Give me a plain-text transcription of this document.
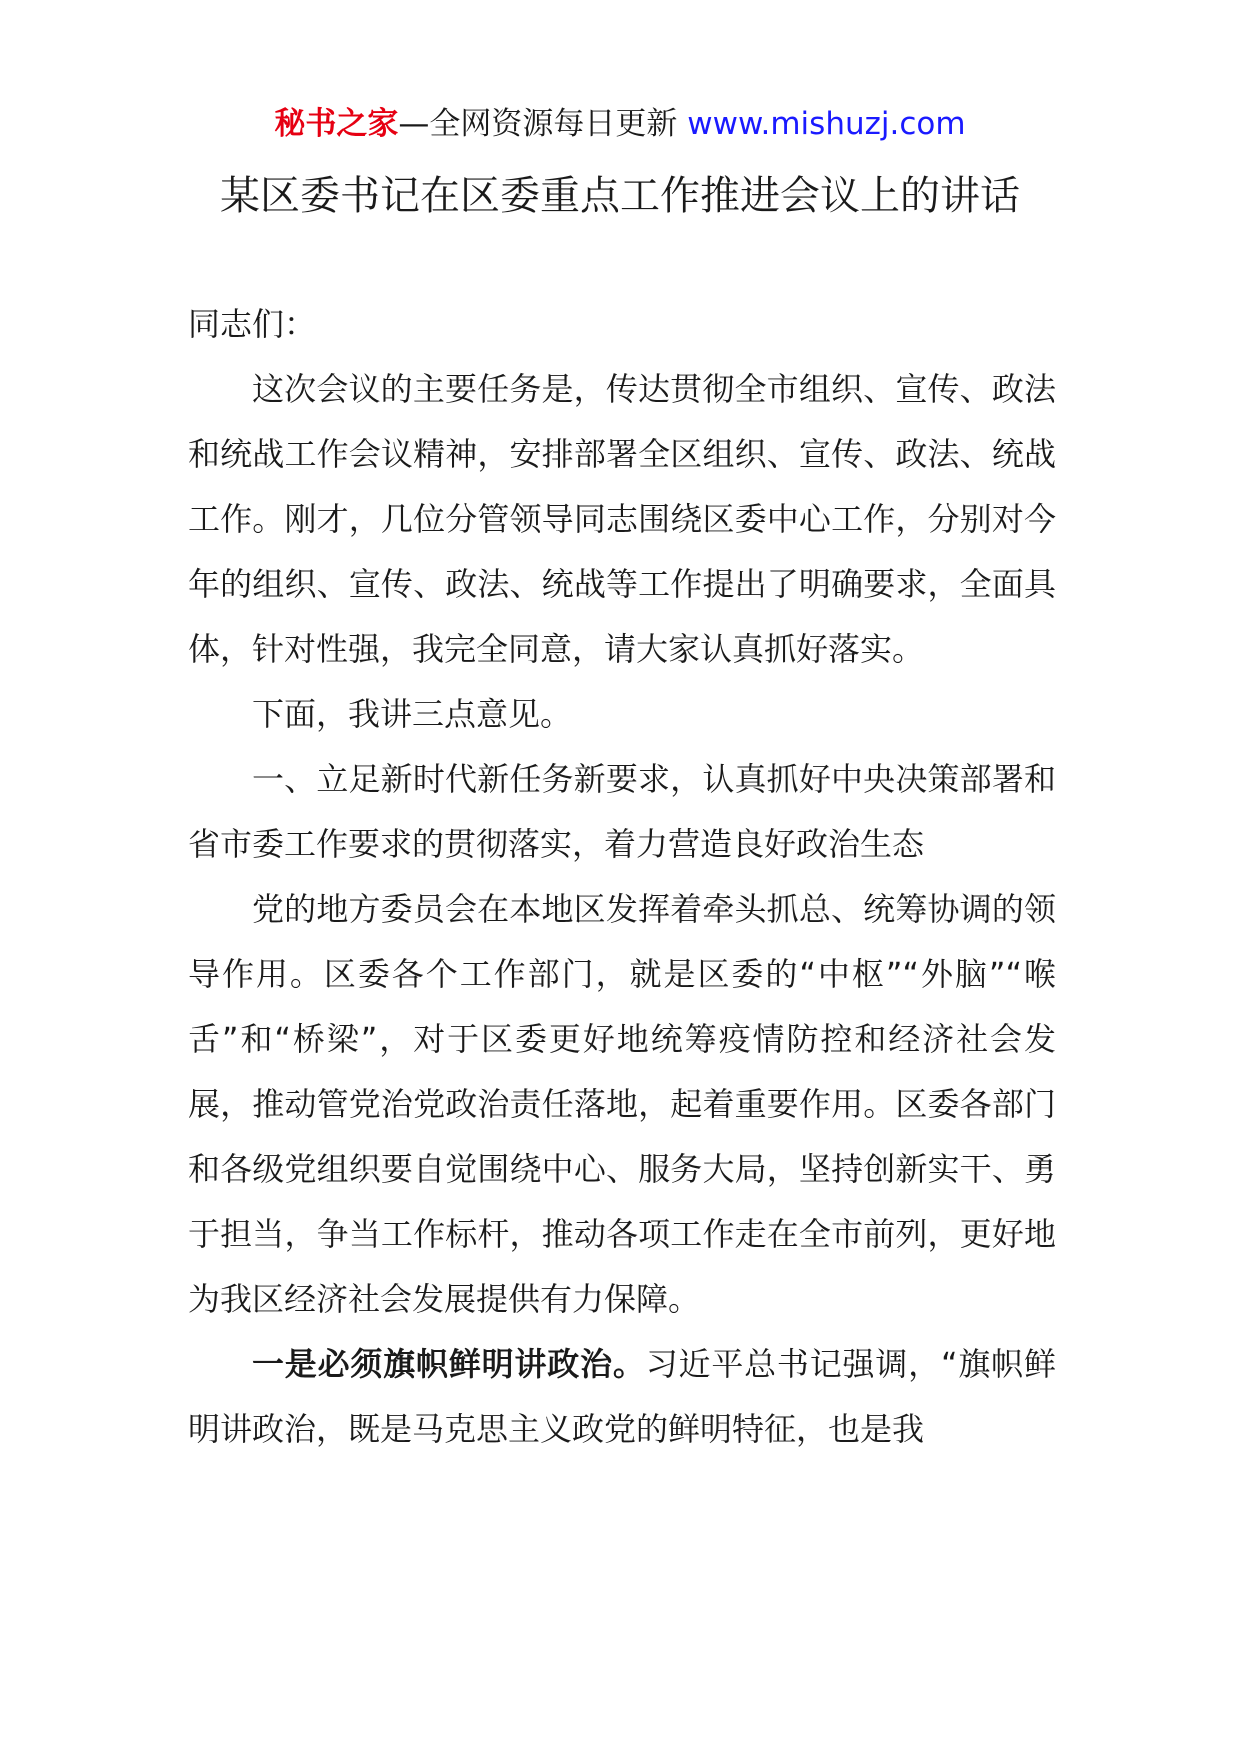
秘书之家—全网资源每日更新 www.mishuzj.com
某区委书记在区委重点工作推进会议上的讲话

同志们：

这次会议的主要任务是，传达贯彻全市组织、宣传、政法和统战工作会议精神，安排部署全区组织、宣传、政法、统战工作。刚才，几位分管领导同志围绕区委中心工作，分别对今年的组织、宣传、政法、统战等工作提出了明确要求，全面具体，针对性强，我完全同意，请大家认真抓好落实。

下面，我讲三点意见。

一、立足新时代新任务新要求，认真抓好中央决策部署和省市委工作要求的贯彻落实，着力营造良好政治生态

党的地方委员会在本地区发挥着牵头抓总、统筹协调的领导作用。区委各个工作部门，就是区委的“中枢”“外脑”“喉舌”和“桥梁”，对于区委更好地统筹疫情防控和经济社会发展，推动管党治党政治责任落地，起着重要作用。区委各部门和各级党组织要自觉围绕中心、服务大局，坚持创新实干、勇于担当，争当工作标杆，推动各项工作走在全市前列，更好地为我区经济社会发展提供有力保障。

一是必须旗帜鲜明讲政治。习近平总书记强调，“旗帜鲜明讲政治，既是马克思主义政党的鲜明特征，也是我
